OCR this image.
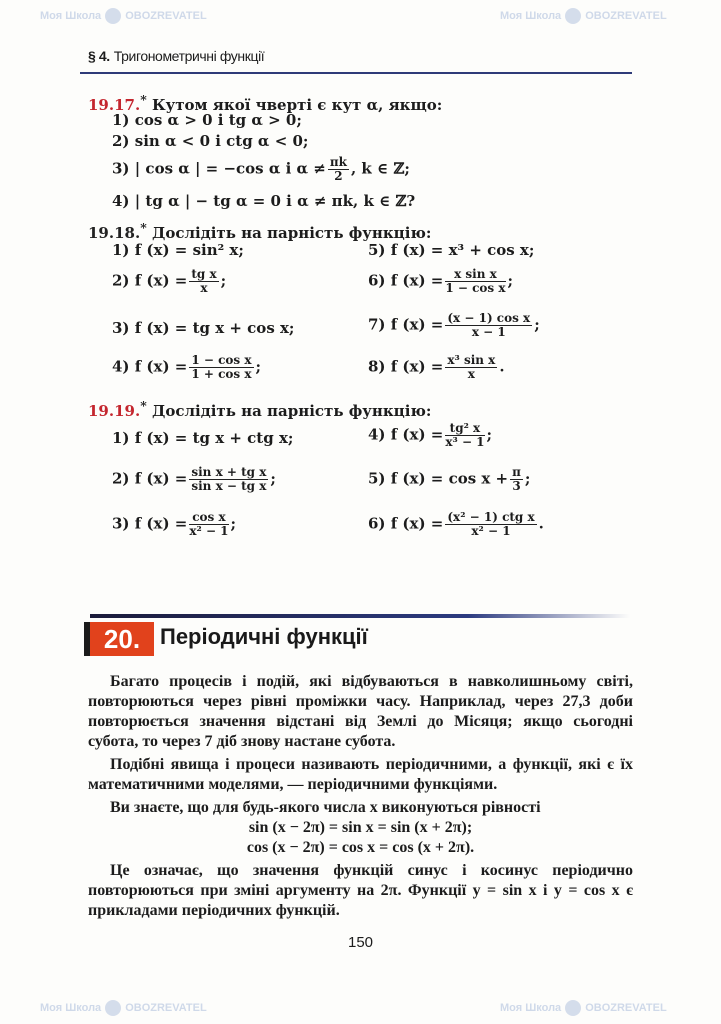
Моя Школа OBOZREVATEL	Моя Школа OBOZREVATEL
Моя Школа OBOZREVATEL	Моя Школа OBOZREVATEL
§ 4. Тригонометричні функції
19.17.* Кутом якої чверті є кут α, якщо:
1) cos α > 0 і tg α > 0;
2) sin α < 0 і ctg α < 0;
3) | cos α | = −cos α і $\alpha \ne \frac{\pi k}{2}$ , k ∈ ℤ;
4) | tg α | − tg α = 0 і α ≠ πk, k ∈ ℤ?
19.18.* Дослідіть на парність функцію:
1) f (x) = sin² x;	5) f (x) = x³ + cos x;
2) f $(x) = \frac{\text{tg x}}{x}$ ;	6) f $(x) = \frac{\text{x sin x}}{\text{1 − cos x}}$ ;
3) f (x) = tg x + cos x;	7) f $(x) = \frac{\text{(x − 1) cos x}}{x - 1}$ ;
4) f $(x) = \frac{\text{1 − cos x}}{\text{1 + cos x}}$ ;	8) f $(x) = \frac{\text{x³ sin x}}{x}$ .
19.19.* Дослідіть на парність функцію:
1) f (x) = tg x + ctg x;	4) f $(x) = \frac{\text{tg² x}}{\text{x³ − 1}}$ ;
2) f $(x) = \frac{\text{sin x + tg x}}{\text{sin x − tg x}}$ ;	5) f $(x) = \cos x + \frac{\pi}{3}$ ;
3) f $(x) = \frac{\text{cos x}}{\text{x² − 1}}$ ;	6) f $(x) = \frac{\text{(x² − 1) ctg x}}{\text{x² − 1}}$ .
20. Періодичні функції

Багато процесів і подій, які відбуваються в навколишньому світі, повторюються через рівні проміжки часу. Наприклад, через 27,3 доби повторюється значення відстані від Землі до Місяця; якщо сьогодні субота, то через 7 діб знову настане субота.

Подібні явища і процеси називають періодичними, а функції, які є їх математичними моделями, — періодичними функціями.

Ви знаєте, що для будь-якого числа x виконуються рівності

sin (x − 2π) = sin x = sin (x + 2π);

cos (x − 2π) = cos x = cos (x + 2π).

Це означає, що значення функцій синус і косинус періодично повторюються при зміні аргументу на 2π. Функції y = sin x і y = cos x є прикладами періодичних функцій.

150
